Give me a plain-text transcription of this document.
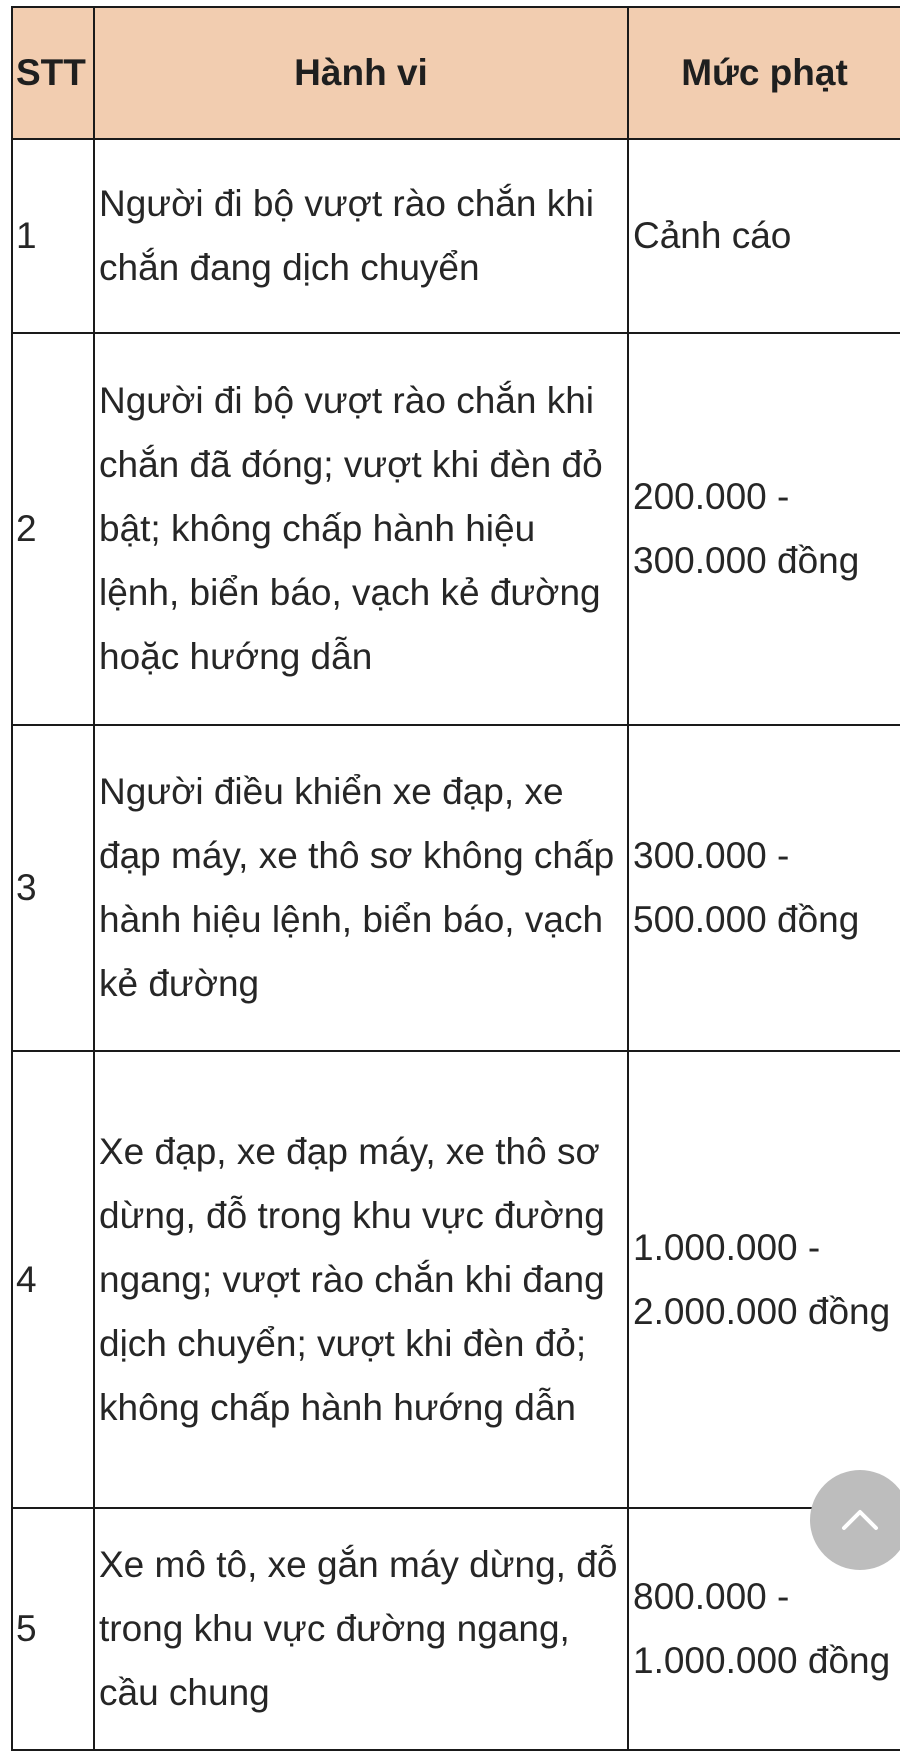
STT	Hành vi	Mức phạt
1	Người đi bộ vượt rào chắn khi chắn đang dịch chuyển	Cảnh cáo
2	Người đi bộ vượt rào chắn khi chắn đã đóng; vượt khi đèn đỏ bật; không chấp hành hiệu lệnh, biển báo, vạch kẻ đường hoặc hướng dẫn	200.000 - 300.000 đồng
3	Người điều khiển xe đạp, xe đạp máy, xe thô sơ không chấp hành hiệu lệnh, biển báo, vạch kẻ đường	300.000 - 500.000 đồng
4	Xe đạp, xe đạp máy, xe thô sơ dừng, đỗ trong khu vực đường ngang; vượt rào chắn khi đang dịch chuyển; vượt khi đèn đỏ; không chấp hành hướng dẫn	1.000.000 - 2.000.000 đồng
5	Xe mô tô, xe gắn máy dừng, đỗ trong khu vực đường ngang, cầu chung	800.000 - 1.000.000 đồng
